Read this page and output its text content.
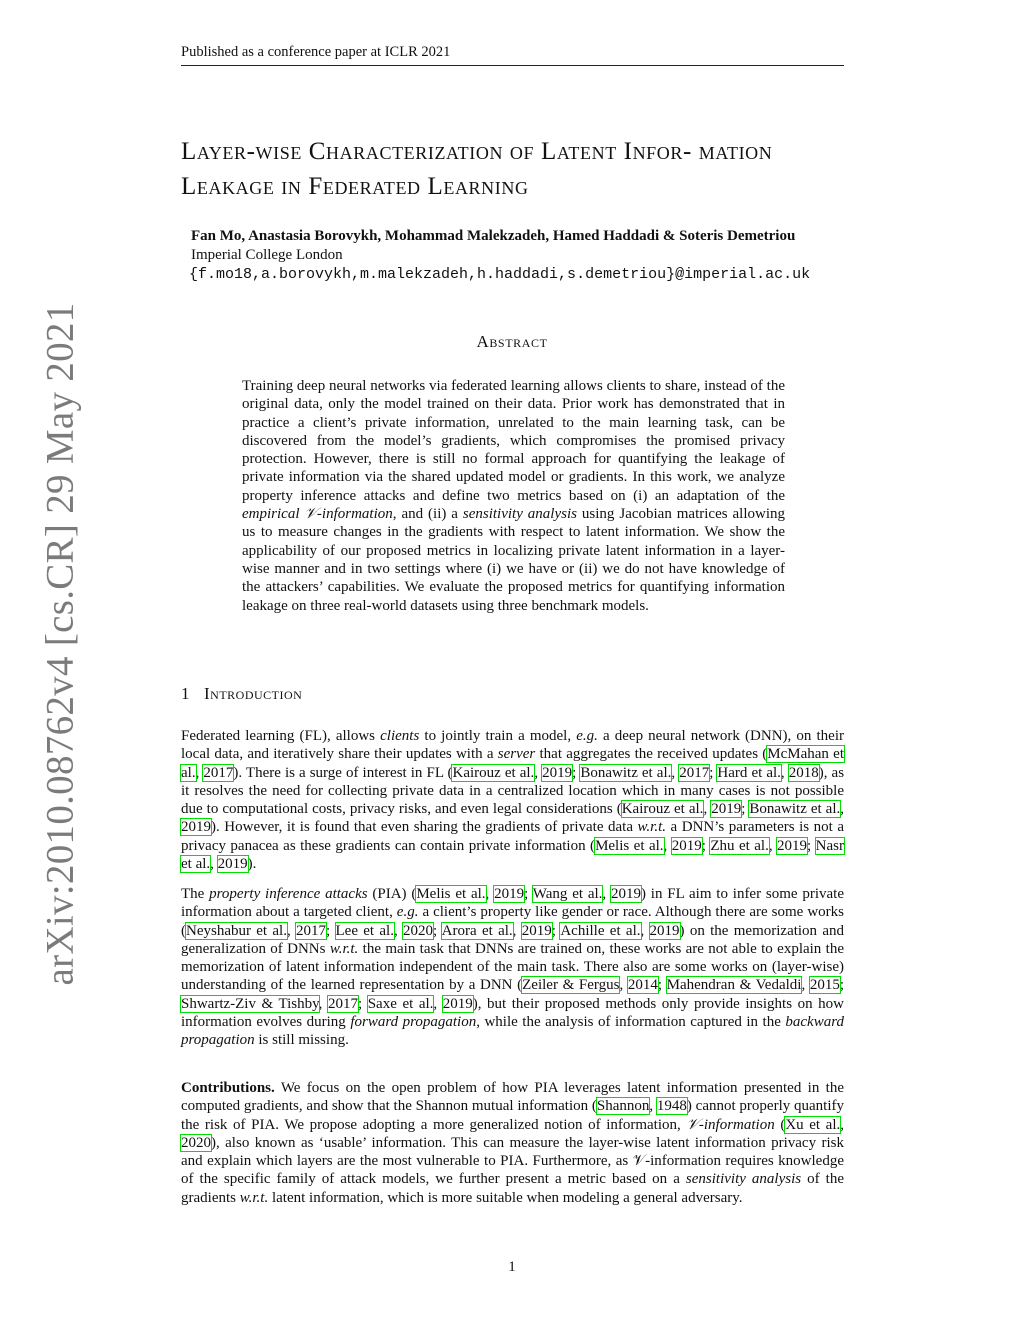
Published as a conference paper at ICLR 2021
arXiv:2010.08762v4 [cs.CR] 29 May 2021
Layer-wise Characterization of Latent Infor- mation Leakage in Federated Learning
Fan Mo, Anastasia Borovykh, Mohammad Malekzadeh, Hamed Haddadi & Soteris Demetriou
Imperial College London
{f.mo18,a.borovykh,m.malekzadeh,h.haddadi,s.demetriou}@imperial.ac.uk
Abstract

Training deep neural networks via federated learning allows clients to share, instead of the original data, only the model trained on their data. Prior work has demonstrated that in practice a client’s private information, unrelated to the main learning task, can be discovered from the model’s gradients, which compromises the promised privacy protection. However, there is still no formal approach for quantifying the leakage of private information via the shared updated model or gradients. In this work, we analyze property inference attacks and define two metrics based on (i) an adaptation of the empirical 𝒱-information, and (ii) a sensitivity analysis using Jacobian matrices allowing us to measure changes in the gradients with respect to latent information. We show the applicability of our proposed metrics in localizing private latent information in a layer-wise manner and in two settings where (i) we have or (ii) we do not have knowledge of the attackers’ capabilities. We evaluate the proposed metrics for quantifying information leakage on three real-world datasets using three benchmark models.

1 Introduction

Federated learning (FL), allows clients to jointly train a model, e.g. a deep neural network (DNN), on their local data, and iteratively share their updates with a server that aggregates the received updates (McMahan et al., 2017). There is a surge of interest in FL (Kairouz et al., 2019; Bonawitz et al., 2017; Hard et al., 2018), as it resolves the need for collecting private data in a centralized location which in many cases is not possible due to computational costs, privacy risks, and even legal considerations (Kairouz et al., 2019; Bonawitz et al., 2019). However, it is found that even sharing the gradients of private data w.r.t. a DNN’s parameters is not a privacy panacea as these gradients can contain private information (Melis et al., 2019; Zhu et al., 2019; Nasr et al., 2019).

The property inference attacks (PIA) (Melis et al., 2019; Wang et al., 2019) in FL aim to infer some private information about a targeted client, e.g. a client’s property like gender or race. Although there are some works (Neyshabur et al., 2017; Lee et al., 2020; Arora et al., 2019; Achille et al., 2019) on the memorization and generalization of DNNs w.r.t. the main task that DNNs are trained on, these works are not able to explain the memorization of latent information independent of the main task. There also are some works on (layer-wise) understanding of the learned representation by a DNN (Zeiler & Fergus, 2014; Mahendran & Vedaldi, 2015; Shwartz-Ziv & Tishby, 2017; Saxe et al., 2019), but their proposed methods only provide insights on how information evolves during forward propagation, while the analysis of information captured in the backward propagation is still missing.

Contributions. We focus on the open problem of how PIA leverages latent information presented in the computed gradients, and show that the Shannon mutual information (Shannon, 1948) cannot properly quantify the risk of PIA. We propose adopting a more generalized notion of information, 𝒱-information (Xu et al., 2020), also known as ‘usable’ information. This can measure the layer-wise latent information privacy risk and explain which layers are the most vulnerable to PIA. Furthermore, as 𝒱-information requires knowledge of the specific family of attack models, we further present a metric based on a sensitivity analysis of the gradients w.r.t. latent information, which is more suitable when modeling a general adversary.

1
